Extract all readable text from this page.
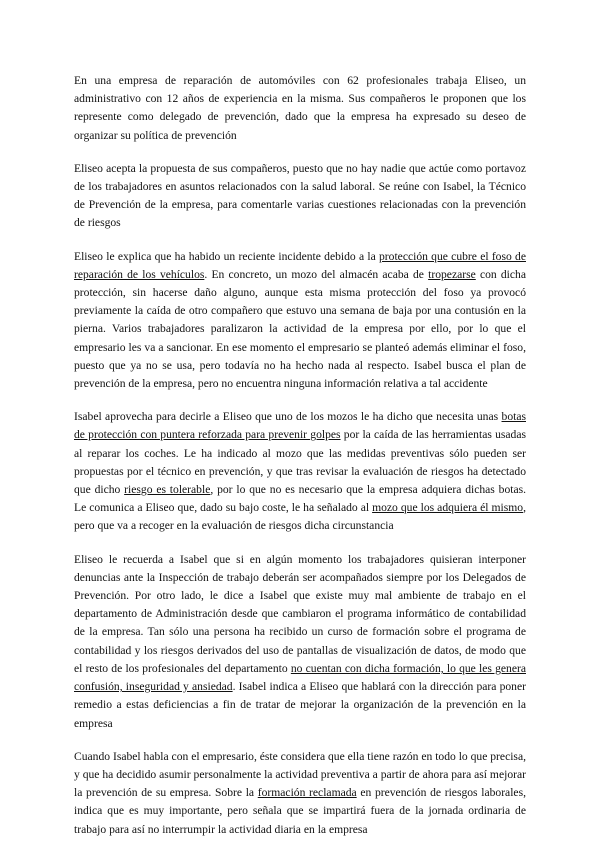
En una empresa de reparación de automóviles con 62 profesionales trabaja Eliseo, un administrativo con 12 años de experiencia en la misma. Sus compañeros le proponen que los represente como delegado de prevención, dado que la empresa ha expresado su deseo de organizar su política de prevención

Eliseo acepta la propuesta de sus compañeros, puesto que no hay nadie que actúe como portavoz de los trabajadores en asuntos relacionados con la salud laboral. Se reúne con Isabel, la Técnico de Prevención de la empresa, para comentarle varias cuestiones relacionadas con la prevención de riesgos

Eliseo le explica que ha habido un reciente incidente debido a la protección que cubre el foso de reparación de los vehículos. En concreto, un mozo del almacén acaba de tropezarse con dicha protección, sin hacerse daño alguno, aunque esta misma protección del foso ya provocó previamente la caída de otro compañero que estuvo una semana de baja por una contusión en la pierna. Varios trabajadores paralizaron la actividad de la empresa por ello, por lo que el empresario les va a sancionar. En ese momento el empresario se planteó además eliminar el foso, puesto que ya no se usa, pero todavía no ha hecho nada al respecto. Isabel busca el plan de prevención de la empresa, pero no encuentra ninguna información relativa a tal accidente

Isabel aprovecha para decirle a Eliseo que uno de los mozos le ha dicho que necesita unas botas de protección con puntera reforzada para prevenir golpes por la caída de las herramientas usadas al reparar los coches. Le ha indicado al mozo que las medidas preventivas sólo pueden ser propuestas por el técnico en prevención, y que tras revisar la evaluación de riesgos ha detectado que dicho riesgo es tolerable, por lo que no es necesario que la empresa adquiera dichas botas. Le comunica a Eliseo que, dado su bajo coste, le ha señalado al mozo que los adquiera él mismo, pero que va a recoger en la evaluación de riesgos dicha circunstancia

Eliseo le recuerda a Isabel que si en algún momento los trabajadores quisieran interponer denuncias ante la Inspección de trabajo deberán ser acompañados siempre por los Delegados de Prevención. Por otro lado, le dice a Isabel que existe muy mal ambiente de trabajo en el departamento de Administración desde que cambiaron el programa informático de contabilidad de la empresa. Tan sólo una persona ha recibido un curso de formación sobre el programa de contabilidad y los riesgos derivados del uso de pantallas de visualización de datos, de modo que el resto de los profesionales del departamento no cuentan con dicha formación, lo que les genera confusión, inseguridad y ansiedad. Isabel indica a Eliseo que hablará con la dirección para poner remedio a estas deficiencias a fin de tratar de mejorar la organización de la prevención en la empresa

Cuando Isabel habla con el empresario, éste considera que ella tiene razón en todo lo que precisa, y que ha decidido asumir personalmente la actividad preventiva a partir de ahora para así mejorar la prevención de su empresa. Sobre la formación reclamada en prevención de riesgos laborales, indica que es muy importante, pero señala que se impartirá fuera de la jornada ordinaria de trabajo para así no interrumpir la actividad diaria en la empresa
